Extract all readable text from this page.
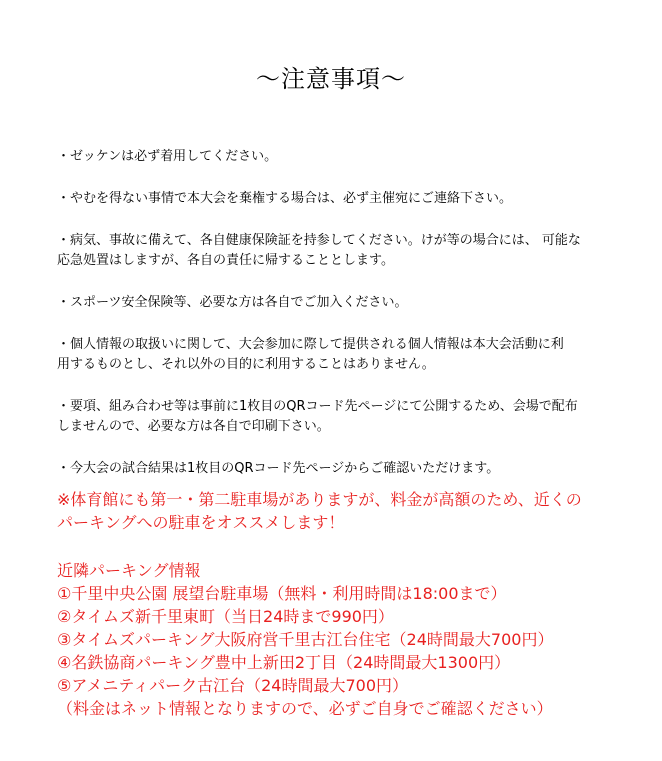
～注意事項～

・ゼッケンは必ず着用してください。

・やむを得ない事情で本大会を棄権する場合は、必ず主催宛にご連絡下さい。

・病気、事故に備えて、各自健康保険証を持参してください。けが等の場合には、 可能な
応急処置はしますが、各自の責任に帰することとします。

・スポーツ安全保険等、必要な方は各自でご加入ください。

・個人情報の取扱いに関して、大会参加に際して提供される個人情報は本大会活動に利
用するものとし、それ以外の目的に利用することはありません。

・要項、組み合わせ等は事前に1枚目のQRコード先ページにて公開するため、会場で配布
しませんので、必要な方は各自で印刷下さい。

・今大会の試合結果は1枚目のQRコード先ページからご確認いただけます。

※体育館にも第一・第二駐車場がありますが、料金が高額のため、近くの
パーキングへの駐車をオススメします！
近隣パーキング情報
①千里中央公園 展望台駐車場（無料・利用時間は18:00まで）
②タイムズ新千里東町（当日24時まで990円）
③タイムズパーキング大阪府営千里古江台住宅（24時間最大700円）
④名鉄協商パーキング豊中上新田2丁目（24時間最大1300円）
⑤アメニティパーク古江台（24時間最大700円）
（料金はネット情報となりますので、必ずご自身でご確認ください）
